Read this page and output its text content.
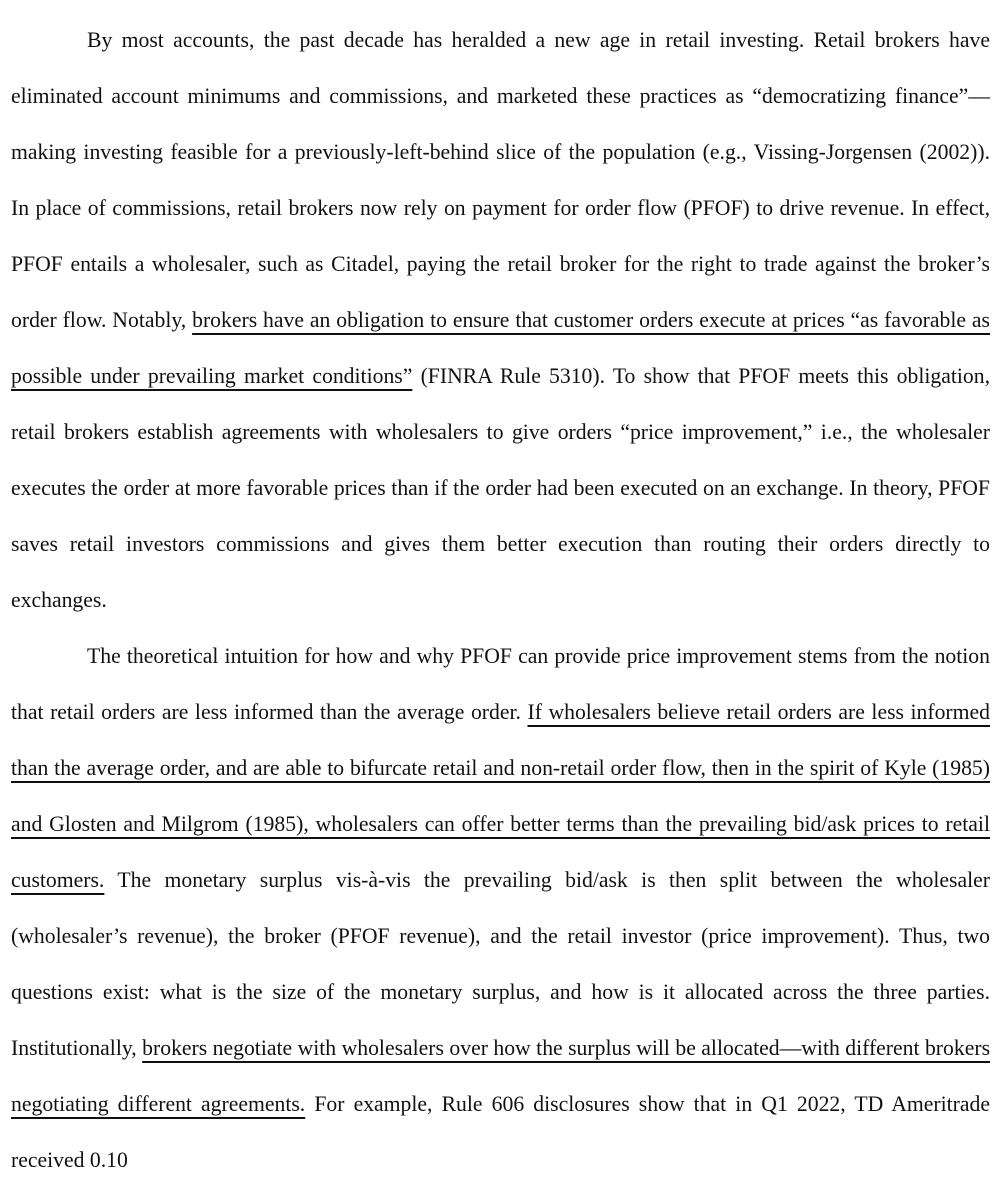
By most accounts, the past decade has heralded a new age in retail investing. Retail brokers have eliminated account minimums and commissions, and marketed these practices as “democratizing finance”—making investing feasible for a previously-left-behind slice of the population (e.g., Vissing-Jorgensen (2002)). In place of commissions, retail brokers now rely on payment for order flow (PFOF) to drive revenue. In effect, PFOF entails a wholesaler, such as Citadel, paying the retail broker for the right to trade against the broker’s order flow. Notably, brokers have an obligation to ensure that customer orders execute at prices “as favorable as possible under prevailing market conditions” (FINRA Rule 5310). To show that PFOF meets this obligation, retail brokers establish agreements with wholesalers to give orders “price improvement,” i.e., the wholesaler executes the order at more favorable prices than if the order had been executed on an exchange. In theory, PFOF saves retail investors commissions and gives them better execution than routing their orders directly to exchanges.

The theoretical intuition for how and why PFOF can provide price improvement stems from the notion that retail orders are less informed than the average order. If wholesalers believe retail orders are less informed than the average order, and are able to bifurcate retail and non-retail order flow, then in the spirit of Kyle (1985) and Glosten and Milgrom (1985), wholesalers can offer better terms than the prevailing bid/ask prices to retail customers. The monetary surplus vis-à-vis the prevailing bid/ask is then split between the wholesaler (wholesaler’s revenue), the broker (PFOF revenue), and the retail investor (price improvement). Thus, two questions exist: what is the size of the monetary surplus, and how is it allocated across the three parties. Institutionally, brokers negotiate with wholesalers over how the surplus will be allocated—with different brokers negotiating different agreements. For example, Rule 606 disclosures show that in Q1 2022, TD Ameritrade received 0.10
